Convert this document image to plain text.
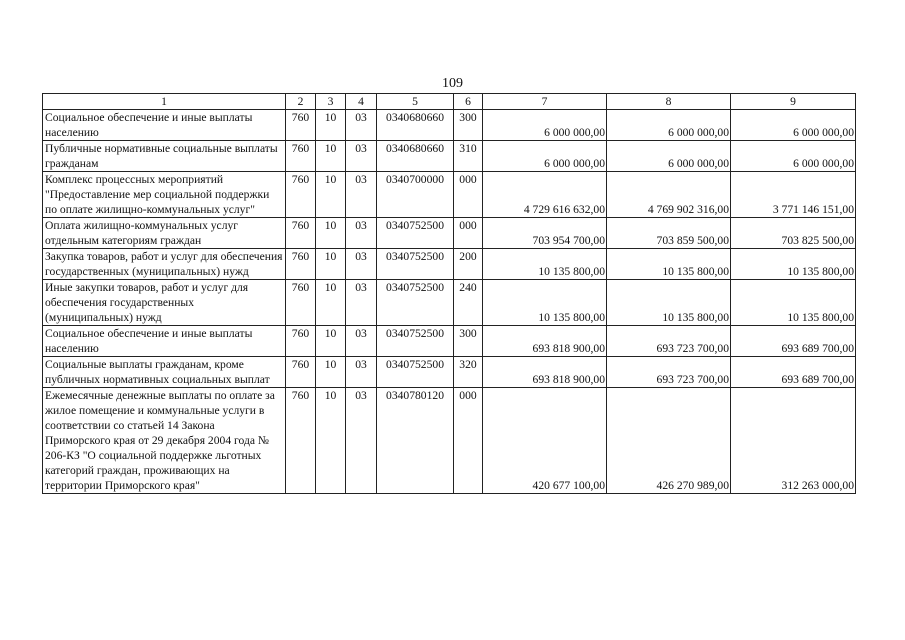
109
1	2	3	4	5	6	7	8	9
Социальное обеспечение и иные выплаты населению	760	10	03	0340680660	300	6 000 000,00	6 000 000,00	6 000 000,00
Публичные нормативные социальные выплаты гражданам	760	10	03	0340680660	310	6 000 000,00	6 000 000,00	6 000 000,00
Комплекс процессных мероприятий "Предоставление мер социальной поддержки по оплате жилищно-коммунальных услуг"	760	10	03	0340700000	000	4 729 616 632,00	4 769 902 316,00	3 771 146 151,00
Оплата жилищно-коммунальных услуг отдельным категориям граждан	760	10	03	0340752500	000	703 954 700,00	703 859 500,00	703 825 500,00
Закупка товаров, работ и услуг для обеспечения государственных (муниципальных) нужд	760	10	03	0340752500	200	10 135 800,00	10 135 800,00	10 135 800,00
Иные закупки товаров, работ и услуг для обеспечения государственных (муниципальных) нужд	760	10	03	0340752500	240	10 135 800,00	10 135 800,00	10 135 800,00
Социальное обеспечение и иные выплаты населению	760	10	03	0340752500	300	693 818 900,00	693 723 700,00	693 689 700,00
Социальные выплаты гражданам, кроме публичных нормативных социальных выплат	760	10	03	0340752500	320	693 818 900,00	693 723 700,00	693 689 700,00
Ежемесячные денежные выплаты по оплате за жилое помещение и коммунальные услуги в соответствии со статьей 14 Закона Приморского края от 29 декабря 2004 года № 206-КЗ "О социальной поддержке льготных категорий граждан, проживающих на территории Приморского края"	760	10	03	0340780120	000	420 677 100,00	426 270 989,00	312 263 000,00
